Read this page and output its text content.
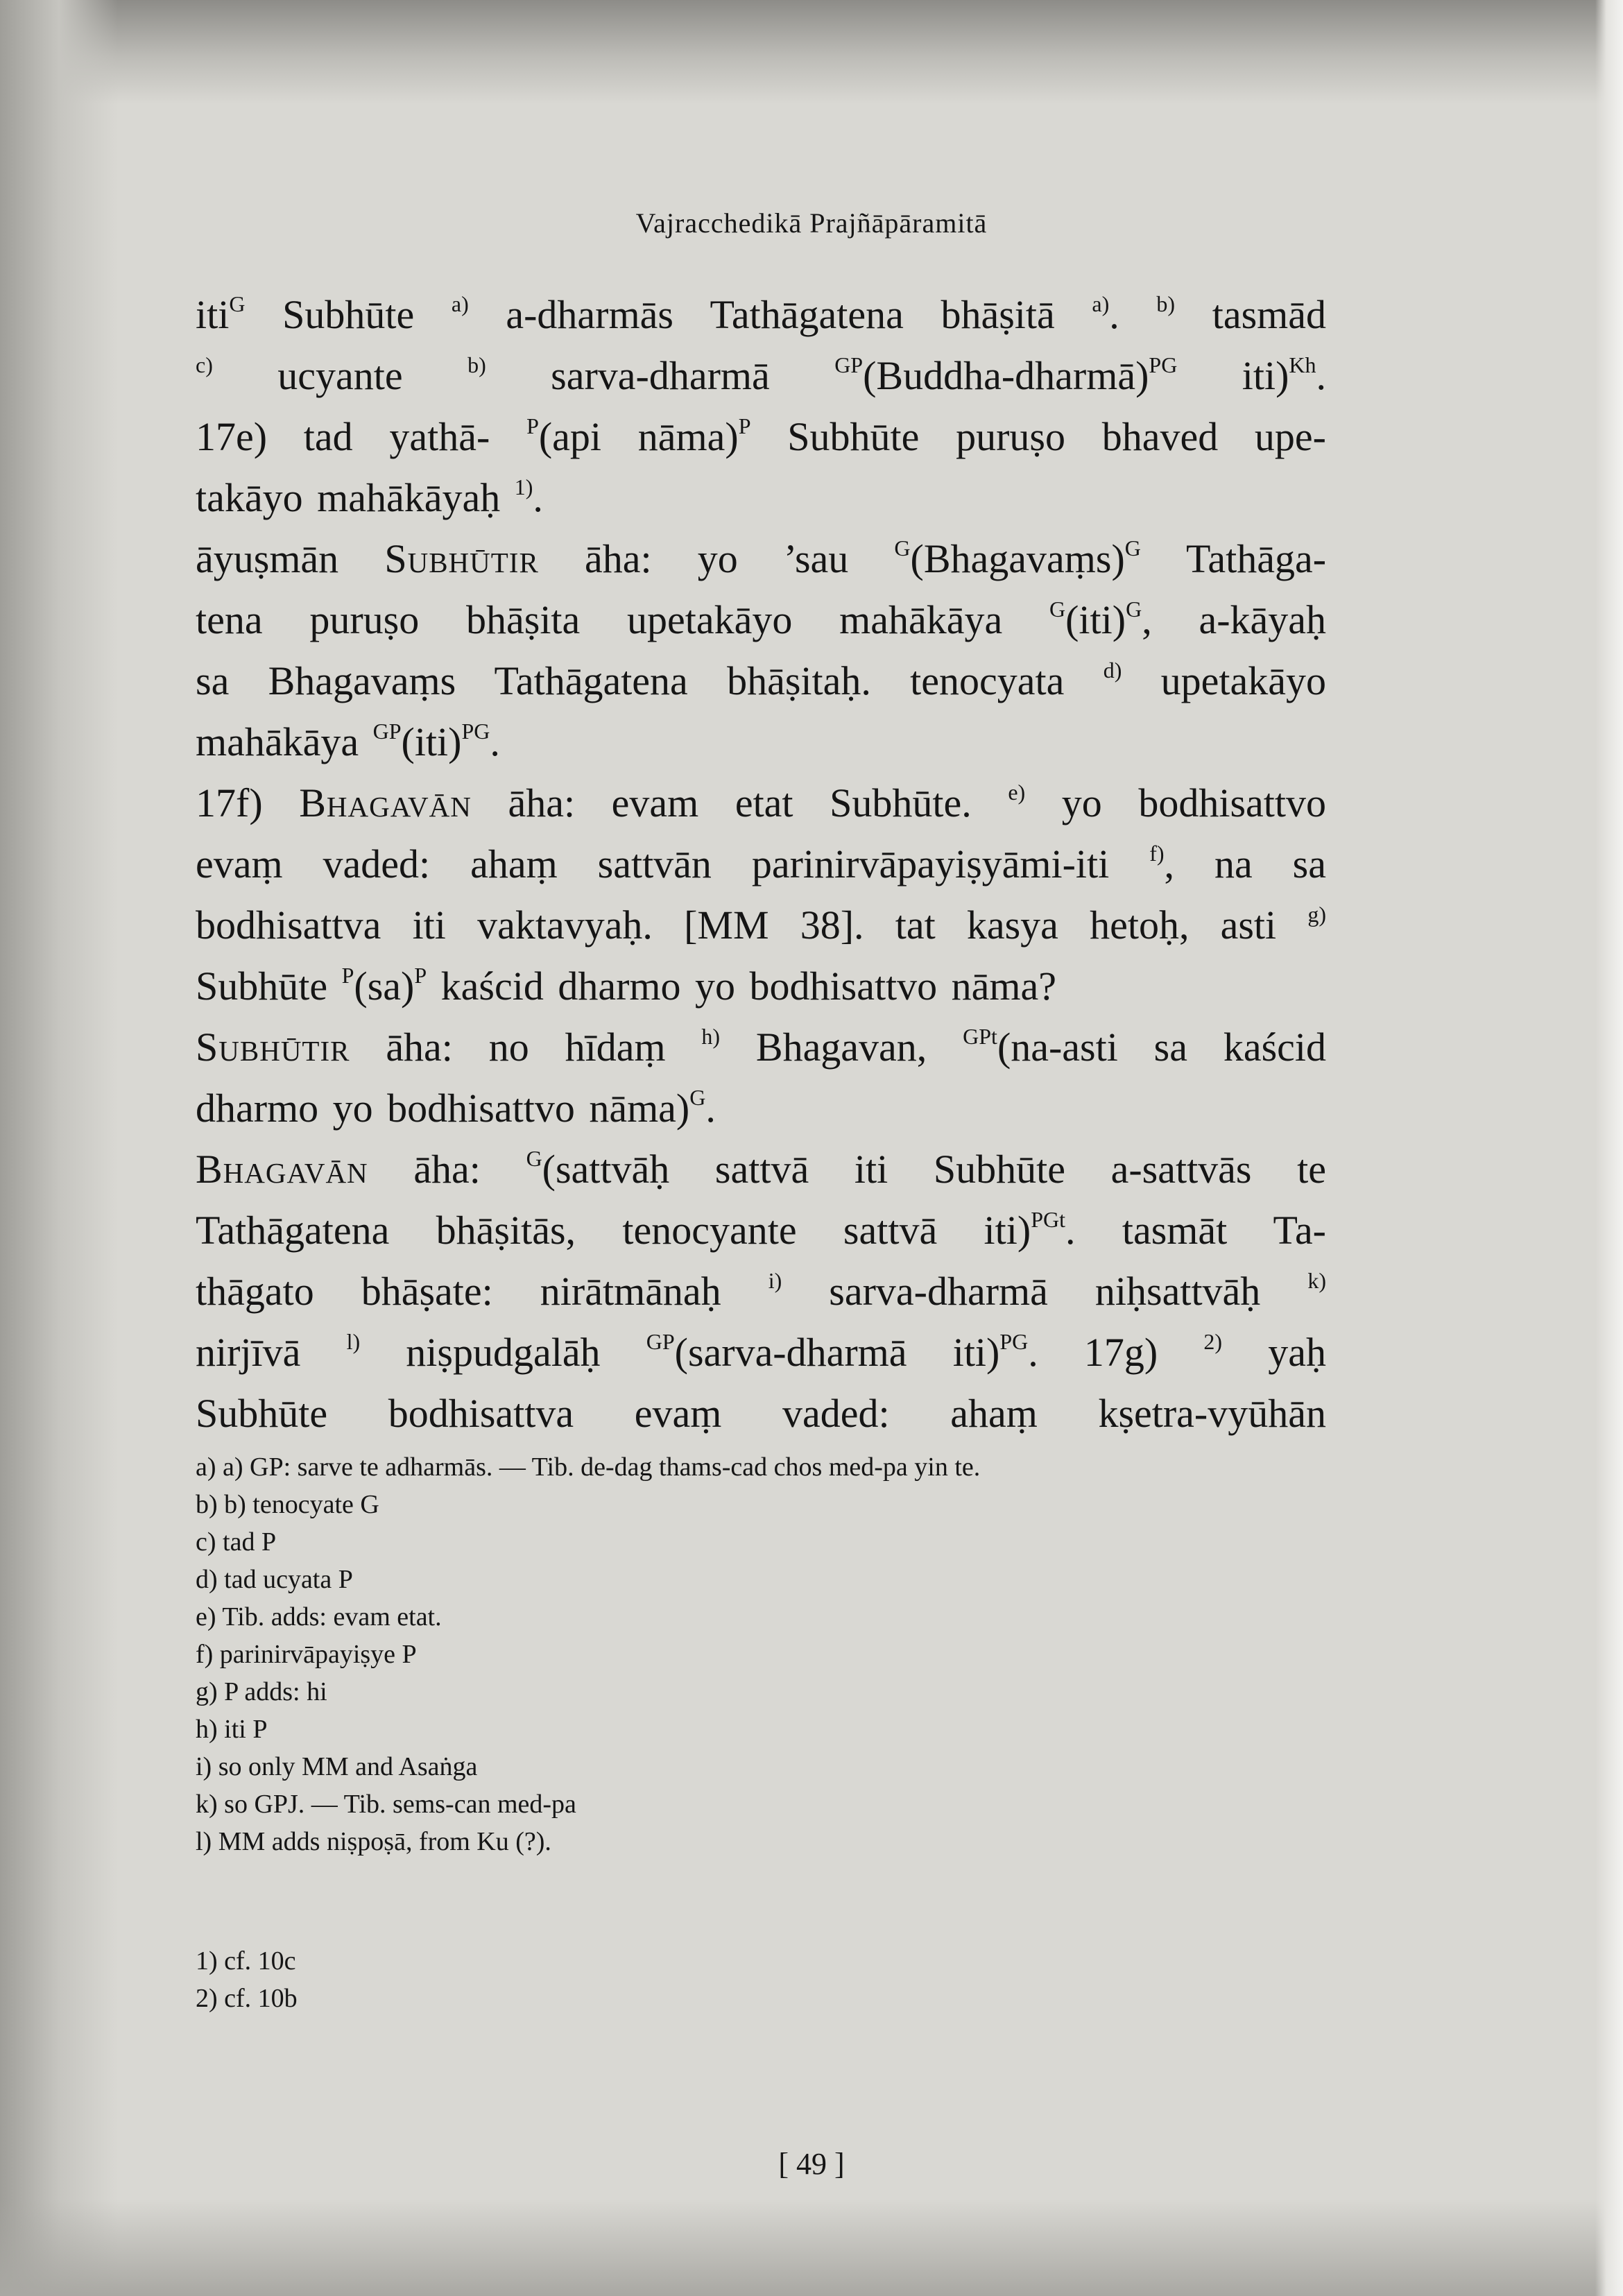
Vajracchedikā Prajñāpāramitā
iti$^G$ Subhūte $^{a)}$ a-dharmās Tathāgatena bhāṣitā $^{a)}$. $^{b)}$ tasmād
$^{c)}$ ucyante $^{b)}$ sarva-dharmā $^{GP}$(Buddha-dharmā)$^{PG}$ iti)$^{Kh}$.
17e) tad yathā- $^P$(api nāma)$^P$ Subhūte puruṣo bhaved upe-
takāyo mahākāyaḥ $^{1)}$.
āyuṣmān Subhūtir āha: yo ’sau $^G$(Bhagavaṃs)$^G$ Tathāga-
tena puruṣo bhāṣita upetakāyo mahākāya $^G$(iti)$^G$, a-kāyaḥ
sa Bhagavaṃs Tathāgatena bhāṣitaḥ. tenocyata $^{d)}$ upetakāyo
mahākāya $^{GP}$(iti)$^{PG}$.
17f) Bhagavān āha: evam etat Subhūte. $^{e)}$ yo bodhisattvo
evaṃ vaded: ahaṃ sattvān parinirvāpayiṣyāmi-iti $^{f)}$, na sa
bodhisattva iti vaktavyaḥ. [MM 38]. tat kasya hetoḥ, asti $^{g)}$
Subhūte $^P$(sa)$^P$ kaścid dharmo yo bodhisattvo nāma?
Subhūtir āha: no hīdaṃ $^{h)}$ Bhagavan, $^{GPt}$(na-asti sa kaścid
dharmo yo bodhisattvo nāma)$^G$.
Bhagavān āha: $^G$(sattvāḥ sattvā iti Subhūte a-sattvās te
Tathāgatena bhāṣitās, tenocyante sattvā iti)$^{PGt}$. tasmāt Ta-
thāgato bhāṣate: nirātmānaḥ $^{i)}$ sarva-dharmā niḥsattvāḥ $^{k)}$
nirjīvā $^{l)}$ niṣpudgalāḥ $^{GP}$(sarva-dharmā iti)$^{PG}$. 17g) $^{2)}$ yaḥ
Subhūte bodhisattva evaṃ vaded: ahaṃ kṣetra-vyūhān
a) a) GP: sarve te adharmās. — Tib. de-dag thams-cad chos med-pa yin te.
b) b) tenocyate G
c) tad P
d) tad ucyata P
e) Tib. adds: evam etat.
f) parinirvāpayiṣye P
g) P adds: hi
h) iti P
i) so only MM and Asaṅga
k) so GPJ. — Tib. sems-can med-pa
l) MM adds niṣpoṣā, from Ku (?).
1) cf. 10c
2) cf. 10b
[ 49 ]
